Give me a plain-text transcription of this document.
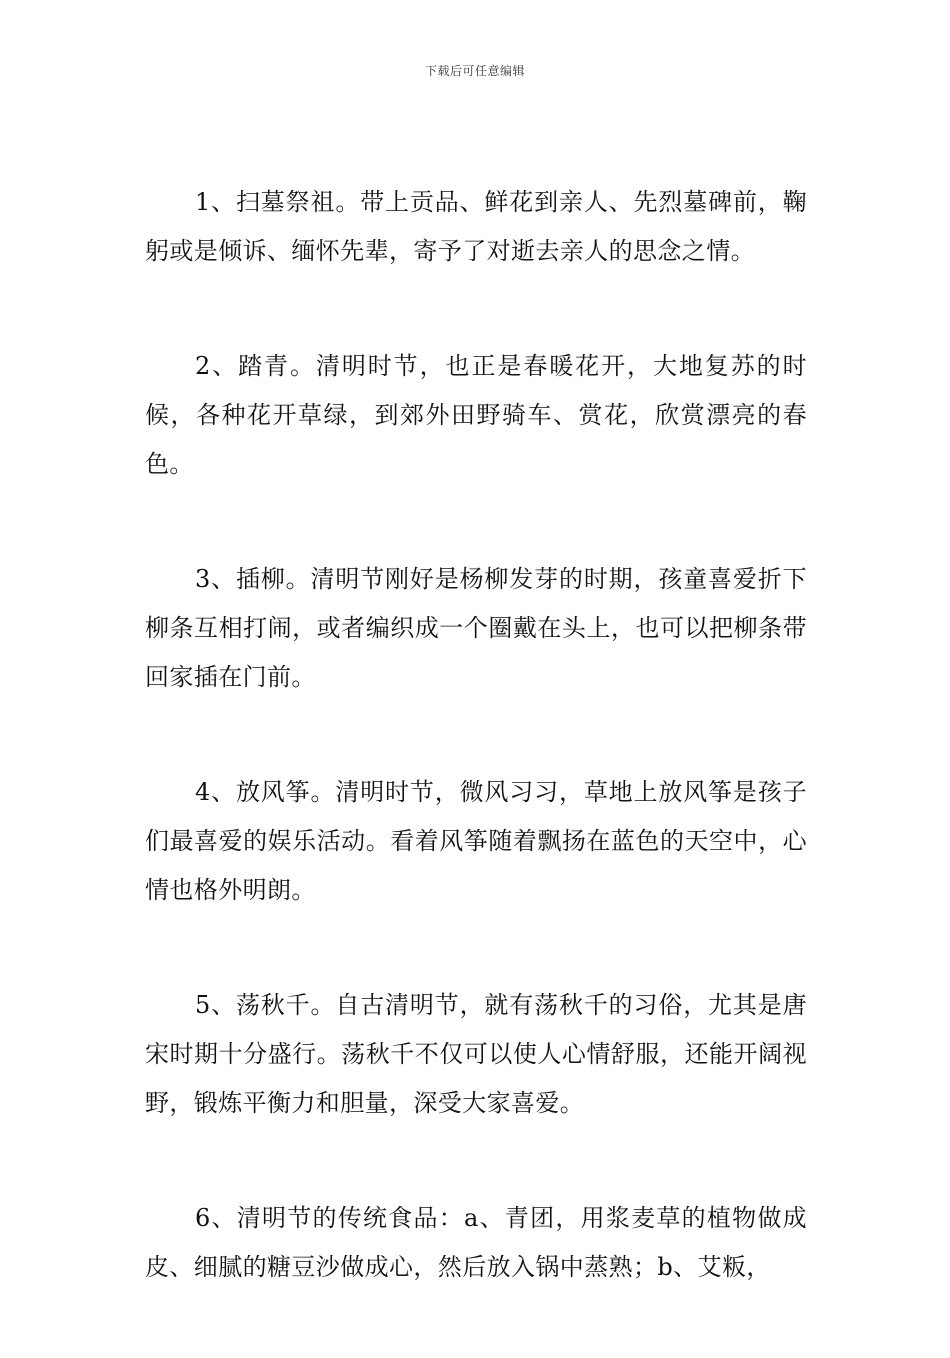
下载后可任意编辑

1、扫墓祭祖。带上贡品、鲜花到亲人、先烈墓碑前，鞠躬或是倾诉、缅怀先辈，寄予了对逝去亲人的思念之情。

2、踏青。清明时节，也正是春暖花开，大地复苏的时候，各种花开草绿，到郊外田野骑车、赏花，欣赏漂亮的春色。

3、插柳。清明节刚好是杨柳发芽的时期，孩童喜爱折下柳条互相打闹，或者编织成一个圈戴在头上，也可以把柳条带回家插在门前。

4、放风筝。清明时节，微风习习，草地上放风筝是孩子们最喜爱的娱乐活动。看着风筝随着飘扬在蓝色的天空中，心情也格外明朗。

5、荡秋千。自古清明节，就有荡秋千的习俗，尤其是唐宋时期十分盛行。荡秋千不仅可以使人心情舒服，还能开阔视野，锻炼平衡力和胆量，深受大家喜爱。

6、清明节的传统食品：a、青团，用浆麦草的植物做成皮、细腻的糖豆沙做成心，然后放入锅中蒸熟；b、艾粄，
